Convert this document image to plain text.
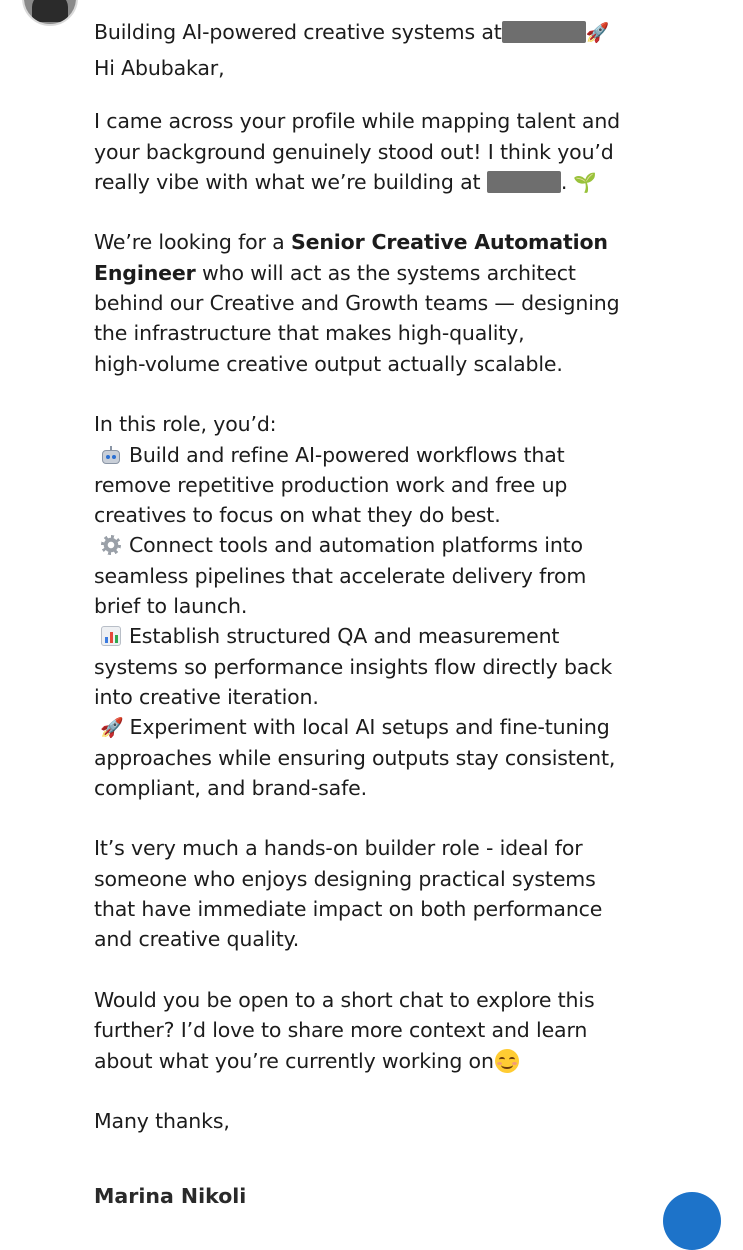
Building AI-powered creative systems at	🚀
Hi Abubakar,
I came across your profile while mapping talent and
your background genuinely stood out! I think you’d
really vibe with what we’re building at	. 🌱
We’re looking for a Senior Creative Automation
Engineer who will act as the systems architect
behind our Creative and Growth teams — designing
the infrastructure that makes high-quality,
high-volume creative output actually scalable.
In this role, you’d:
Build and refine AI-powered workflows that
remove repetitive production work and free up
creatives to focus on what they do best.
Connect tools and automation platforms into
seamless pipelines that accelerate delivery from
brief to launch.
Establish structured QA and measurement
systems so performance insights flow directly back
into creative iteration.
🚀 Experiment with local AI setups and fine-tuning
approaches while ensuring outputs stay consistent,
compliant, and brand-safe.
It’s very much a hands-on builder role - ideal for
someone who enjoys designing practical systems
that have immediate impact on both performance
and creative quality.
Would you be open to a short chat to explore this
further? I’d love to share more context and learn
about what you’re currently working on
Many thanks,
Marina Nikoli
